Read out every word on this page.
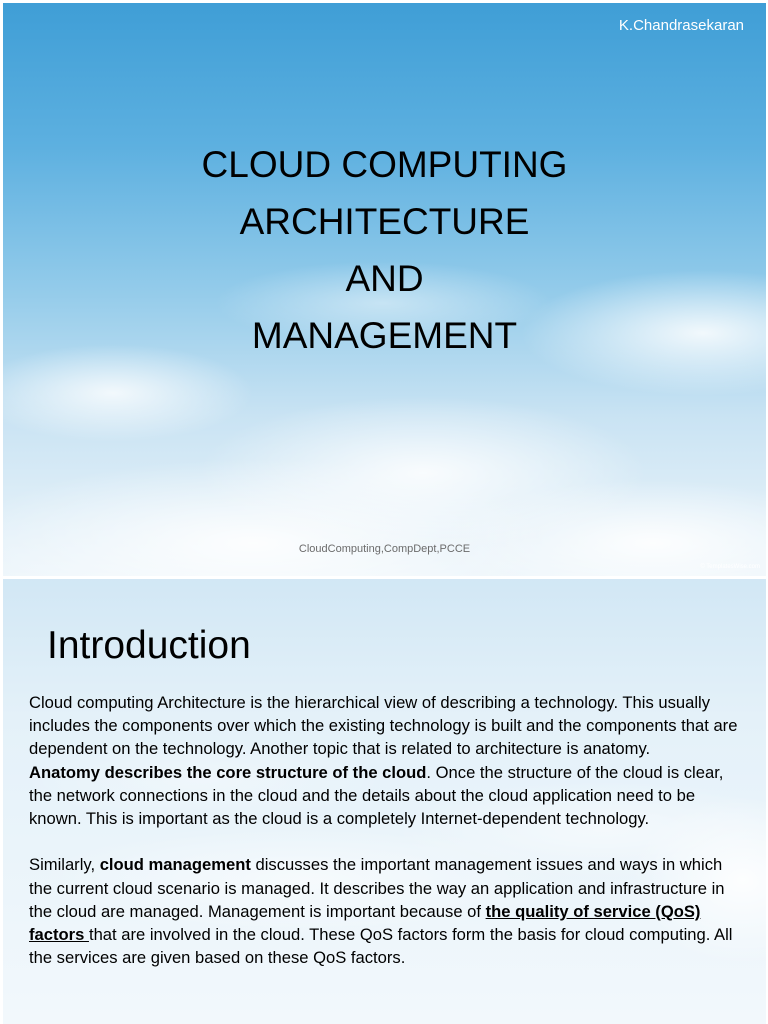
K.Chandrasekaran
CLOUD COMPUTING
ARCHITECTURE
AND
MANAGEMENT
CloudComputing,CompDept,PCCE
© TemplatesWise.com
Introduction

Cloud computing Architecture is the hierarchical view of describing a technology. This usually includes the components over which the existing technology is built and the components that are dependent on the technology. Another topic that is related to architecture is anatomy.

Anatomy describes the core structure of the cloud. Once the structure of the cloud is clear, the network connections in the cloud and the details about the cloud application need to be known. This is important as the cloud is a completely Internet-dependent technology.

Similarly, cloud management discusses the important management issues and ways in which the current cloud scenario is managed. It describes the way an application and infrastructure in the cloud are managed. Management is important because of the quality of service (QoS) factors that are involved in the cloud. These QoS factors form the basis for cloud computing. All the services are given based on these QoS factors.
